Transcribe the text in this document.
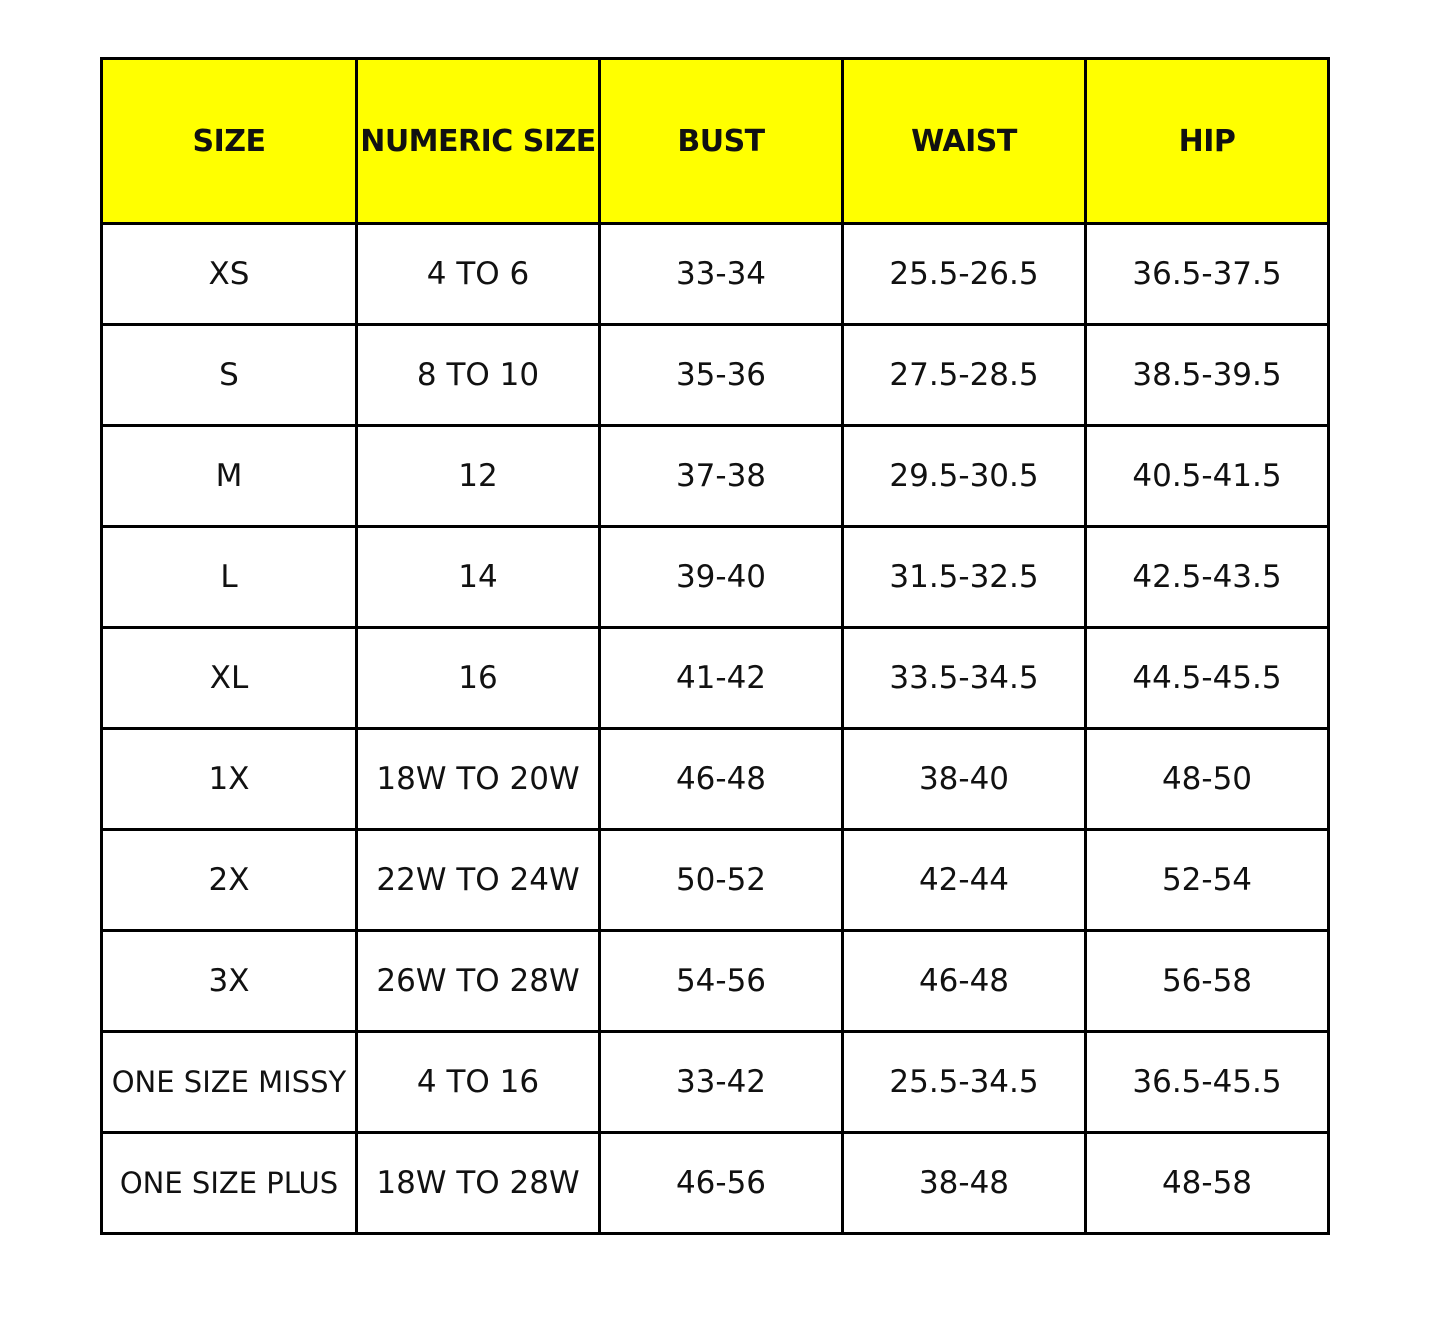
SIZE	NUMERIC SIZE	BUST	WAIST	HIP
XS	4 TO 6	33-34	25.5-26.5	36.5-37.5
S	8 TO 10	35-36	27.5-28.5	38.5-39.5
M	12	37-38	29.5-30.5	40.5-41.5
L	14	39-40	31.5-32.5	42.5-43.5
XL	16	41-42	33.5-34.5	44.5-45.5
1X	18W TO 20W	46-48	38-40	48-50
2X	22W TO 24W	50-52	42-44	52-54
3X	26W TO 28W	54-56	46-48	56-58
ONE SIZE MISSY	4 TO 16	33-42	25.5-34.5	36.5-45.5
ONE SIZE PLUS	18W TO 28W	46-56	38-48	48-58
